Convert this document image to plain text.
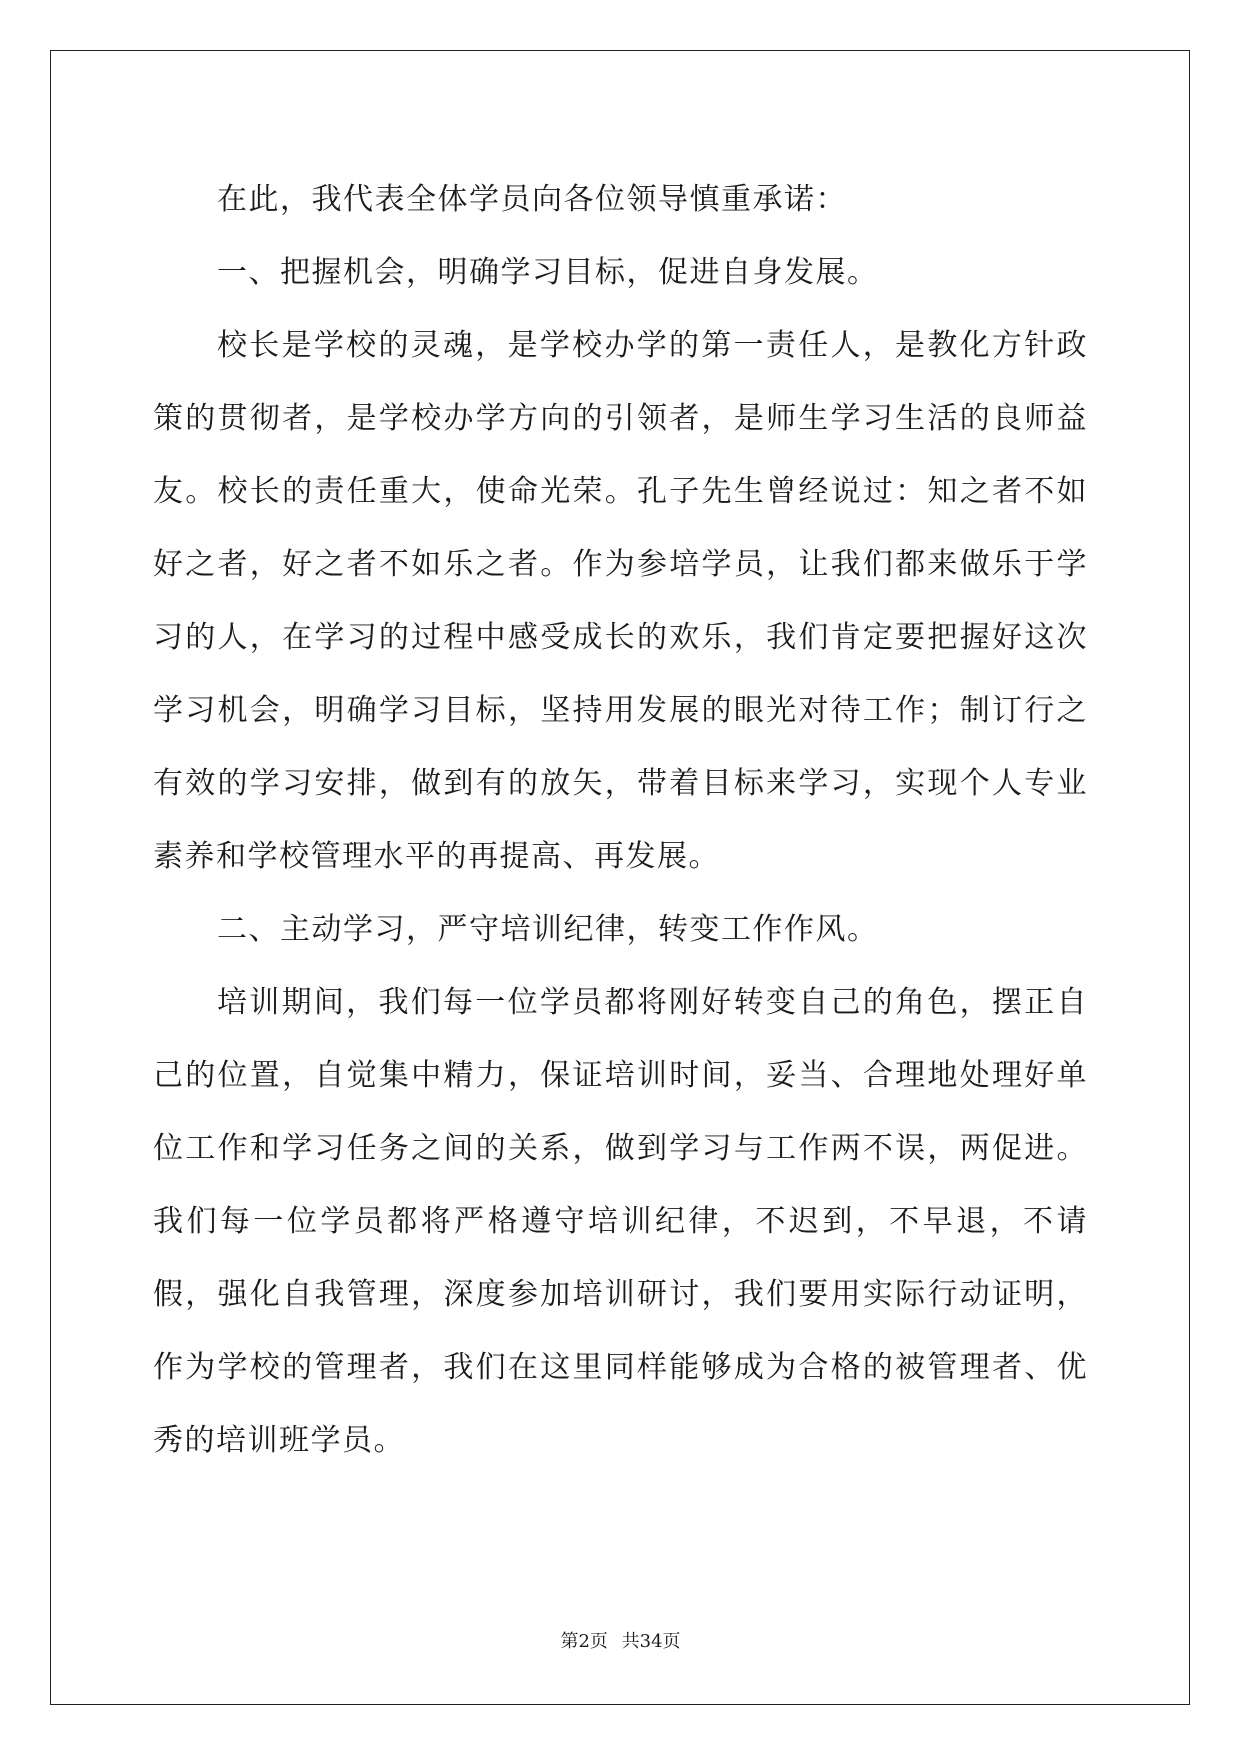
在此，我代表全体学员向各位领导慎重承诺：

一、把握机会，明确学习目标，促进自身发展。

校长是学校的灵魂，是学校办学的第一责任人，是教化方针政策的贯彻者，是学校办学方向的引领者，是师生学习生活的良师益友。校长的责任重大，使命光荣。孔子先生曾经说过：知之者不如好之者，好之者不如乐之者。作为参培学员，让我们都来做乐于学习的人，在学习的过程中感受成长的欢乐，我们肯定要把握好这次学习机会，明确学习目标，坚持用发展的眼光对待工作；制订行之有效的学习安排，做到有的放矢，带着目标来学习，实现个人专业素养和学校管理水平的再提高、再发展。

二、主动学习，严守培训纪律，转变工作作风。

培训期间，我们每一位学员都将刚好转变自己的角色，摆正自己的位置，自觉集中精力，保证培训时间，妥当、合理地处理好单位工作和学习任务之间的关系，做到学习与工作两不误，两促进。我们每一位学员都将严格遵守培训纪律，不迟到，不早退，不请假，强化自我管理，深度参加培训研讨，我们要用实际行动证明，作为学校的管理者，我们在这里同样能够成为合格的被管理者、优秀的培训班学员。

第2页 共34页
